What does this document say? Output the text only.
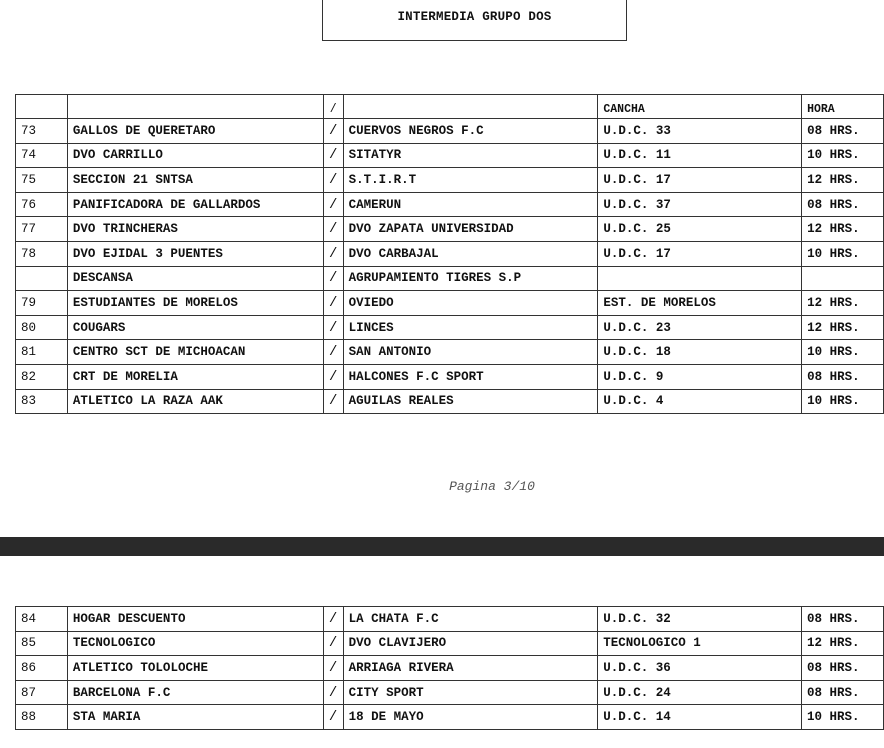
INTERMEDIA GRUPO DOS
		/		CANCHA	HORA
73	GALLOS DE QUERETARO	/	CUERVOS NEGROS F.C	U.D.C. 33	08 HRS.
74	DVO CARRILLO	/	SITATYR	U.D.C. 11	10 HRS.
75	SECCION 21 SNTSA	/	S.T.I.R.T	U.D.C. 17	12 HRS.
76	PANIFICADORA DE GALLARDOS	/	CAMERUN	U.D.C. 37	08 HRS.
77	DVO TRINCHERAS	/	DVO ZAPATA UNIVERSIDAD	U.D.C. 25	12 HRS.
78	DVO EJIDAL 3 PUENTES	/	DVO CARBAJAL	U.D.C. 17	10 HRS.
	DESCANSA	/	AGRUPAMIENTO TIGRES S.P		
79	ESTUDIANTES DE MORELOS	/	OVIEDO	EST. DE MORELOS	12 HRS.
80	COUGARS	/	LINCES	U.D.C. 23	12 HRS.
81	CENTRO SCT DE MICHOACAN	/	SAN ANTONIO	U.D.C. 18	10 HRS.
82	CRT DE MORELIA	/	HALCONES F.C SPORT	U.D.C. 9	08 HRS.
83	ATLETICO LA RAZA AAK	/	AGUILAS REALES	U.D.C. 4	10 HRS.
Pagina 3/10
84	HOGAR DESCUENTO	/	LA CHATA F.C	U.D.C. 32	08 HRS.
85	TECNOLOGICO	/	DVO CLAVIJERO	TECNOLOGICO 1	12 HRS.
86	ATLETICO TOLOLOCHE	/	ARRIAGA RIVERA	U.D.C. 36	08 HRS.
87	BARCELONA F.C	/	CITY SPORT	U.D.C. 24	08 HRS.
88	STA MARIA	/	18 DE MAYO	U.D.C. 14	10 HRS.
